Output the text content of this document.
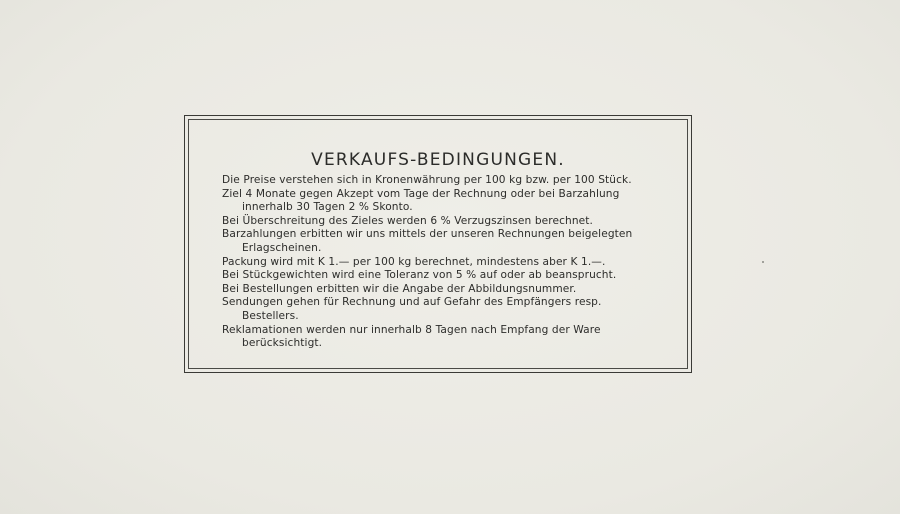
VERKAUFS-BEDINGUNGEN.
Die Preise verstehen sich in Kronenwährung per 100 kg bzw. per 100 Stück.
Ziel 4 Monate gegen Akzept vom Tage der Rechnung oder bei Barzahlung
innerhalb 30 Tagen 2 % Skonto.
Bei Überschreitung des Zieles werden 6 % Verzugszinsen berechnet.
Barzahlungen erbitten wir uns mittels der unseren Rechnungen beigelegten
Erlagscheinen.
Packung wird mit K 1.— per 100 kg berechnet, mindestens aber K 1.—.
Bei Stückgewichten wird eine Toleranz von 5 % auf oder ab beansprucht.
Bei Bestellungen erbitten wir die Angabe der Abbildungsnummer.
Sendungen gehen für Rechnung und auf Gefahr des Empfängers resp.
Bestellers.
Reklamationen werden nur innerhalb 8 Tagen nach Empfang der Ware
berücksichtigt.
